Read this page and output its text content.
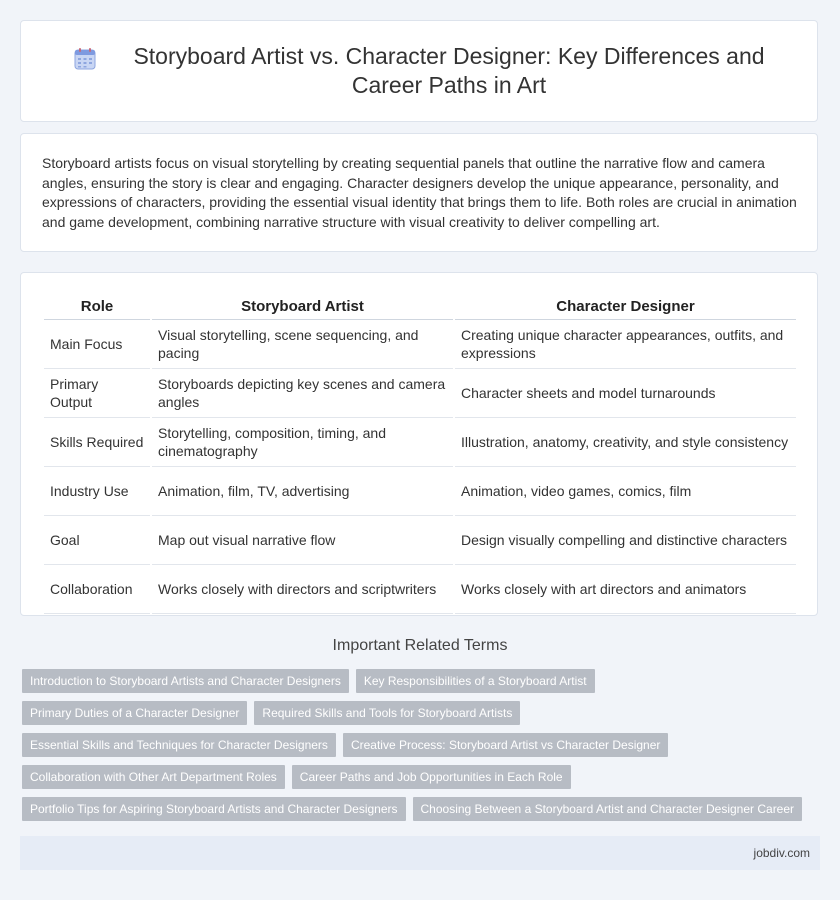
Storyboard Artist vs. Character Designer: Key Differences and Career Paths in Art

Storyboard artists focus on visual storytelling by creating sequential panels that outline the narrative flow and camera angles, ensuring the story is clear and engaging. Character designers develop the unique appearance, personality, and expressions of characters, providing the essential visual identity that brings them to life. Both roles are crucial in animation and game development, combining narrative structure with visual creativity to deliver compelling art.

Role	Storyboard Artist	Character Designer
Main Focus	Visual storytelling, scene sequencing, and pacing	Creating unique character appearances, outfits, and expressions
Primary Output	Storyboards depicting key scenes and camera angles	Character sheets and model turnarounds
Skills Required	Storytelling, composition, timing, and cinematography	Illustration, anatomy, creativity, and style consistency
Industry Use	Animation, film, TV, advertising	Animation, video games, comics, film
Goal	Map out visual narrative flow	Design visually compelling and distinctive characters
Collaboration	Works closely with directors and scriptwriters	Works closely with art directors and animators
Important Related Terms
Introduction to Storyboard Artists and Character Designers	Key Responsibilities of a Storyboard Artist
Primary Duties of a Character Designer	Required Skills and Tools for Storyboard Artists
Essential Skills and Techniques for Character Designers	Creative Process: Storyboard Artist vs Character Designer
Collaboration with Other Art Department Roles	Career Paths and Job Opportunities in Each Role
Portfolio Tips for Aspiring Storyboard Artists and Character Designers	Choosing Between a Storyboard Artist and Character Designer Career
jobdiv.com
